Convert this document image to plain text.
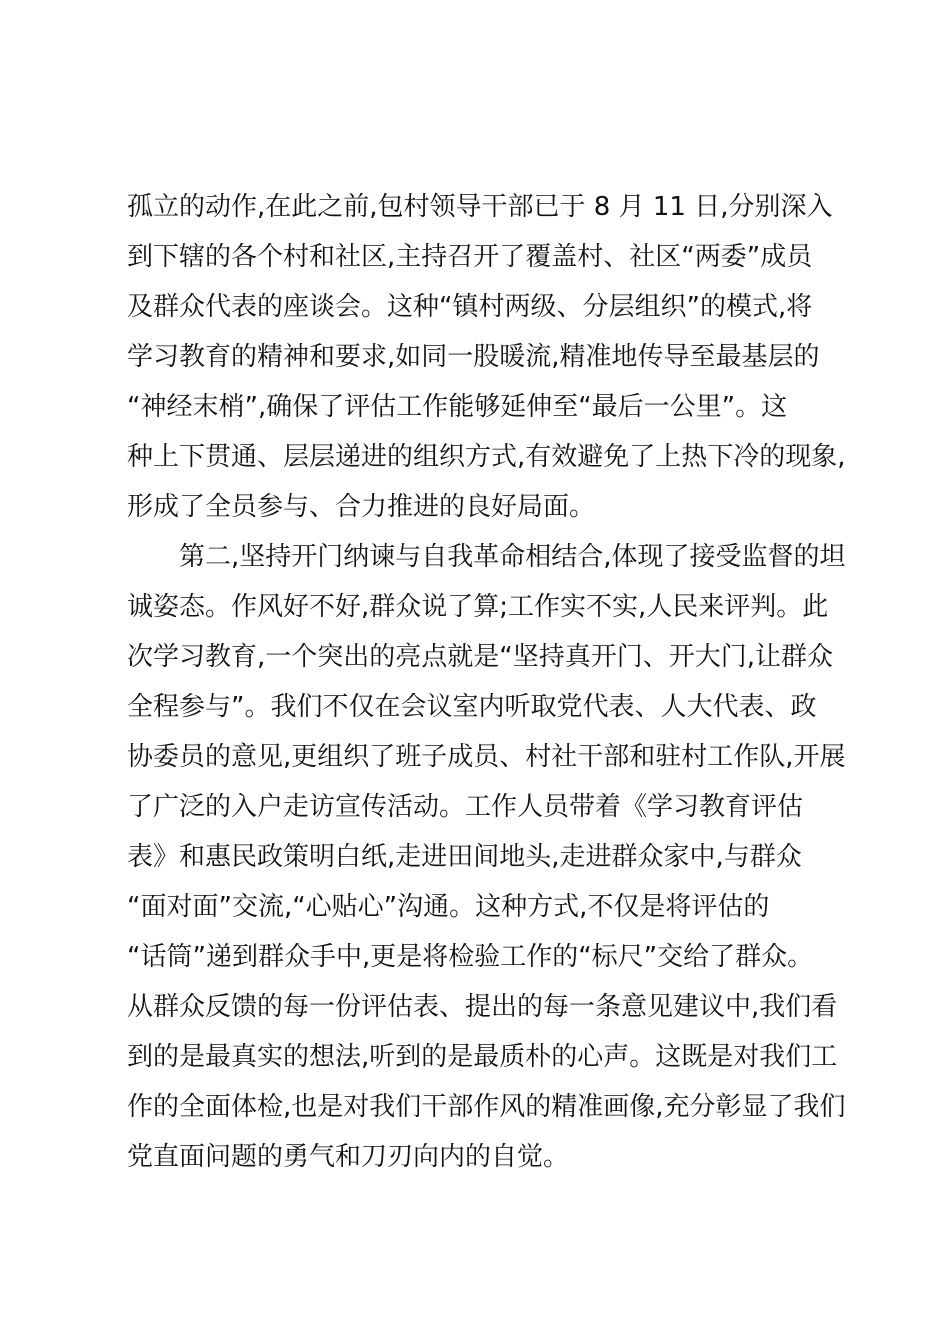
孤立的动作,在此之前,包村领导干部已于 8 月 11 日,分别深入
到下辖的各个村和社区,主持召开了覆盖村、社区“两委”成员
及群众代表的座谈会。这种“镇村两级、分层组织”的模式,将
学习教育的精神和要求,如同一股暖流,精准地传导至最基层的
“神经末梢”,确保了评估工作能够延伸至“最后一公里”。这
种上下贯通、层层递进的组织方式,有效避免了上热下冷的现象,
形成了全员参与、合力推进的良好局面。
第二,坚持开门纳谏与自我革命相结合,体现了接受监督的坦
诚姿态。作风好不好,群众说了算;工作实不实,人民来评判。此
次学习教育,一个突出的亮点就是“坚持真开门、开大门,让群众
全程参与”。我们不仅在会议室内听取党代表、人大代表、政
协委员的意见,更组织了班子成员、村社干部和驻村工作队,开展
了广泛的入户走访宣传活动。工作人员带着《学习教育评估
表》和惠民政策明白纸,走进田间地头,走进群众家中,与群众
“面对面”交流,“心贴心”沟通。这种方式,不仅是将评估的
“话筒”递到群众手中,更是将检验工作的“标尺”交给了群众。
从群众反馈的每一份评估表、提出的每一条意见建议中,我们看
到的是最真实的想法,听到的是最质朴的心声。这既是对我们工
作的全面体检,也是对我们干部作风的精准画像,充分彰显了我们
党直面问题的勇气和刀刃向内的自觉。
